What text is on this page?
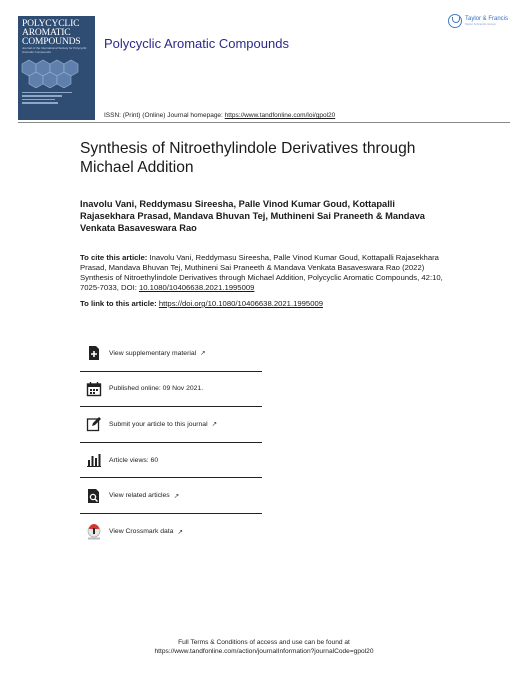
POLYCYCLIC
AROMATIC
COMPOUNDS
Journal of the International Society for Polycyclic Aromatic Compounds
Polycyclic Aromatic Compounds
Taylor & Francis
Taylor & Francis Group
ISSN: (Print) (Online) Journal homepage: https://www.tandfonline.com/loi/gpol20
Synthesis of Nitroethylindole Derivatives through Michael Addition
Inavolu Vani, Reddymasu Sireesha, Palle Vinod Kumar Goud, Kottapalli Rajasekhara Prasad, Mandava Bhuvan Tej, Muthineni Sai Praneeth & Mandava Venkata Basaveswara Rao
To cite this article: Inavolu Vani, Reddymasu Sireesha, Palle Vinod Kumar Goud, Kottapalli Rajasekhara Prasad, Mandava Bhuvan Tej, Muthineni Sai Praneeth & Mandava Venkata Basaveswara Rao (2022) Synthesis of Nitroethylindole Derivatives through Michael Addition, Polycyclic Aromatic Compounds, 42:10, 7025-7033, DOI: 10.1080/10406638.2021.1995009
To link to this article: https://doi.org/10.1080/10406638.2021.1995009
View supplementary material ↗
Published online: 09 Nov 2021.
Submit your article to this journal ↗
Article views: 60
View related articles ↗
View Crossmark data ↗
Full Terms & Conditions of access and use can be found at
https://www.tandfonline.com/action/journalInformation?journalCode=gpol20
